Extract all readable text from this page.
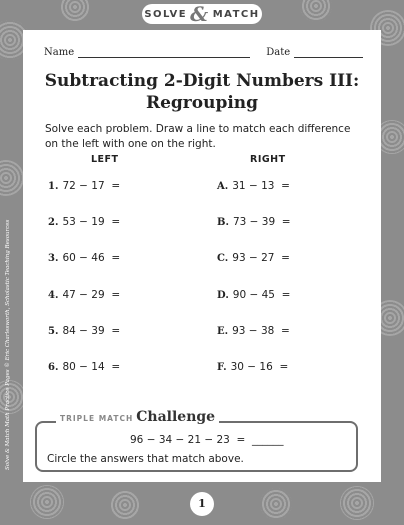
SOLVE & MATCH
Name	Date
Subtracting 2-Digit Numbers III:
Regrouping
Solve each problem. Draw a line to match each difference on the left with one on the right.
LEFT	RIGHT
1. 72 − 17  =
2. 53 − 19  =
3. 60 − 46  =
4. 47 − 29  =
5. 84 − 39  =
6. 80 − 14  =
A. 31 − 13  =
B. 73 − 39  =
C. 93 − 27  =
D. 90 − 45  =
E. 93 − 38  =
F. 30 − 16  =
TRIPLE MATCH Challenge
96 − 34 − 21 − 23  =  ______
Circle the answers that match above.
1
Solve & Match Math Practice Pages © Eric Charlesworth, Scholastic Teaching Resources
